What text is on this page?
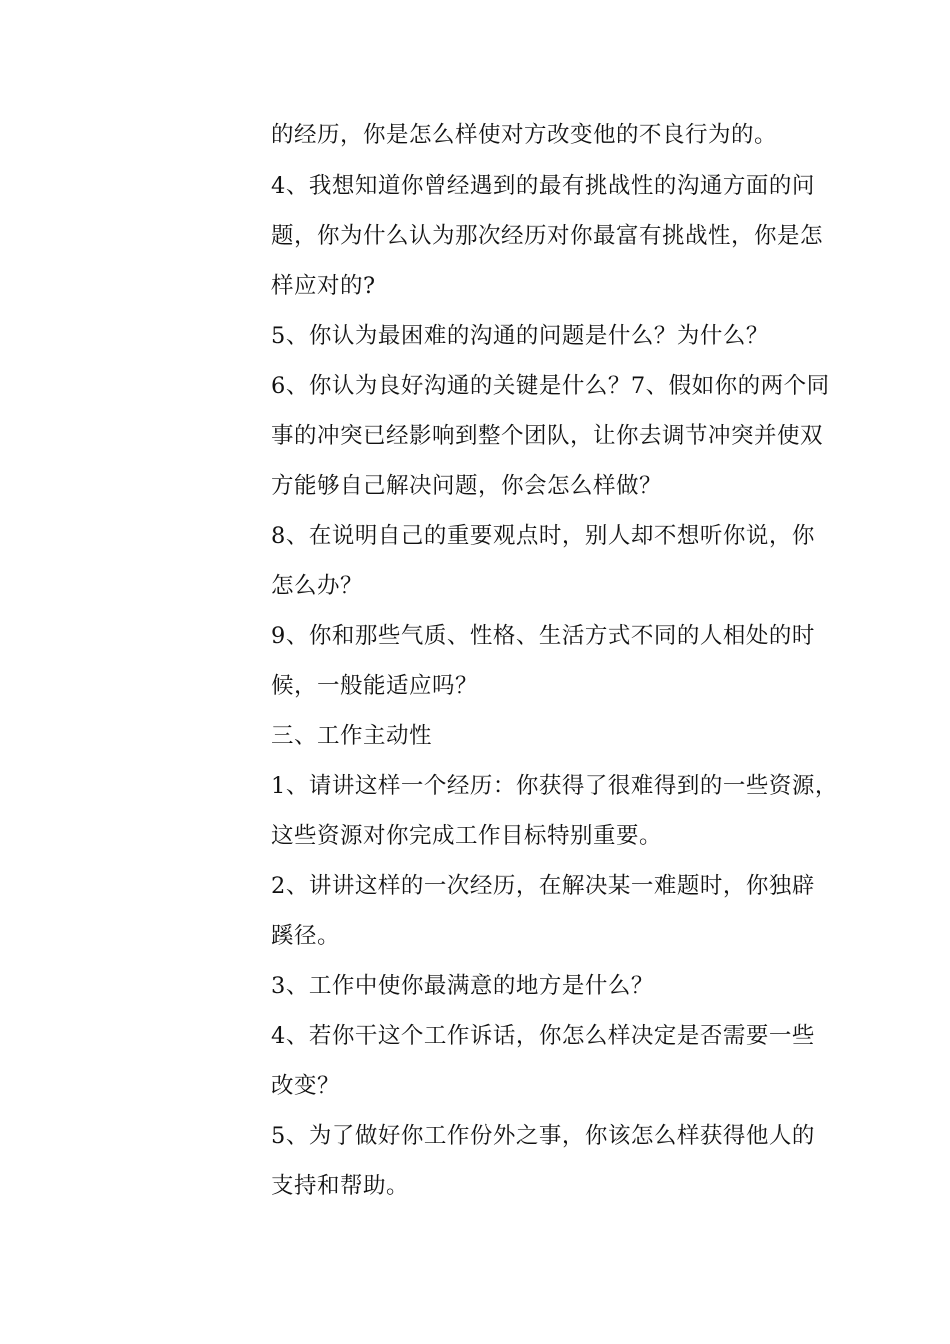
的经历，你是怎么样使对方改变他的不良行为的。
4、我想知道你曾经遇到的最有挑战性的沟通方面的问
题，你为什么认为那次经历对你最富有挑战性，你是怎
样应对的?
5、你认为最困难的沟通的问题是什么？为什么？
6、你认为良好沟通的关键是什么？7、假如你的两个同
事的冲突已经影响到整个团队，让你去调节冲突并使双
方能够自己解决问题，你会怎么样做？
8、在说明自己的重要观点时，别人却不想听你说，你
怎么办？
9、你和那些气质、性格、生活方式不同的人相处的时
候，一般能适应吗？
三、工作主动性
1、请讲这样一个经历：你获得了很难得到的一些资源，
这些资源对你完成工作目标特别重要。
2、讲讲这样的一次经历，在解决某一难题时，你独辟
蹊径。
3、工作中使你最满意的地方是什么？
4、若你干这个工作诉话，你怎么样决定是否需要一些
改变？
5、为了做好你工作份外之事，你该怎么样获得他人的
支持和帮助。
